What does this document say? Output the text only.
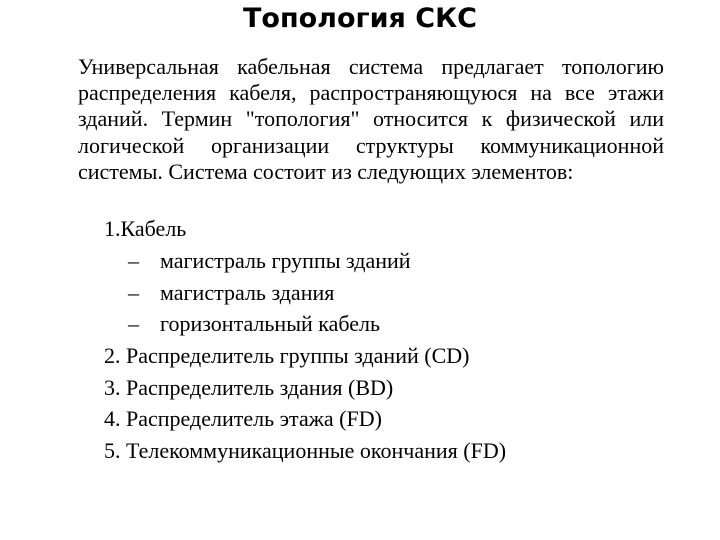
Топология СКС

Универсальная кабельная система предлагает топологию распределения кабеля, распространяющуюся на все этажи зданий. Термин "топология" относится к физической или логической организации структуры коммуникационной системы. Система состоит из следующих элементов:

1.Кабель
– магистраль группы зданий
– магистраль здания
– горизонтальный кабель
2. Распределитель группы зданий (CD)
3. Распределитель здания (BD)
4. Распределитель этажа (FD)
5. Телекоммуникационные окончания (FD)
